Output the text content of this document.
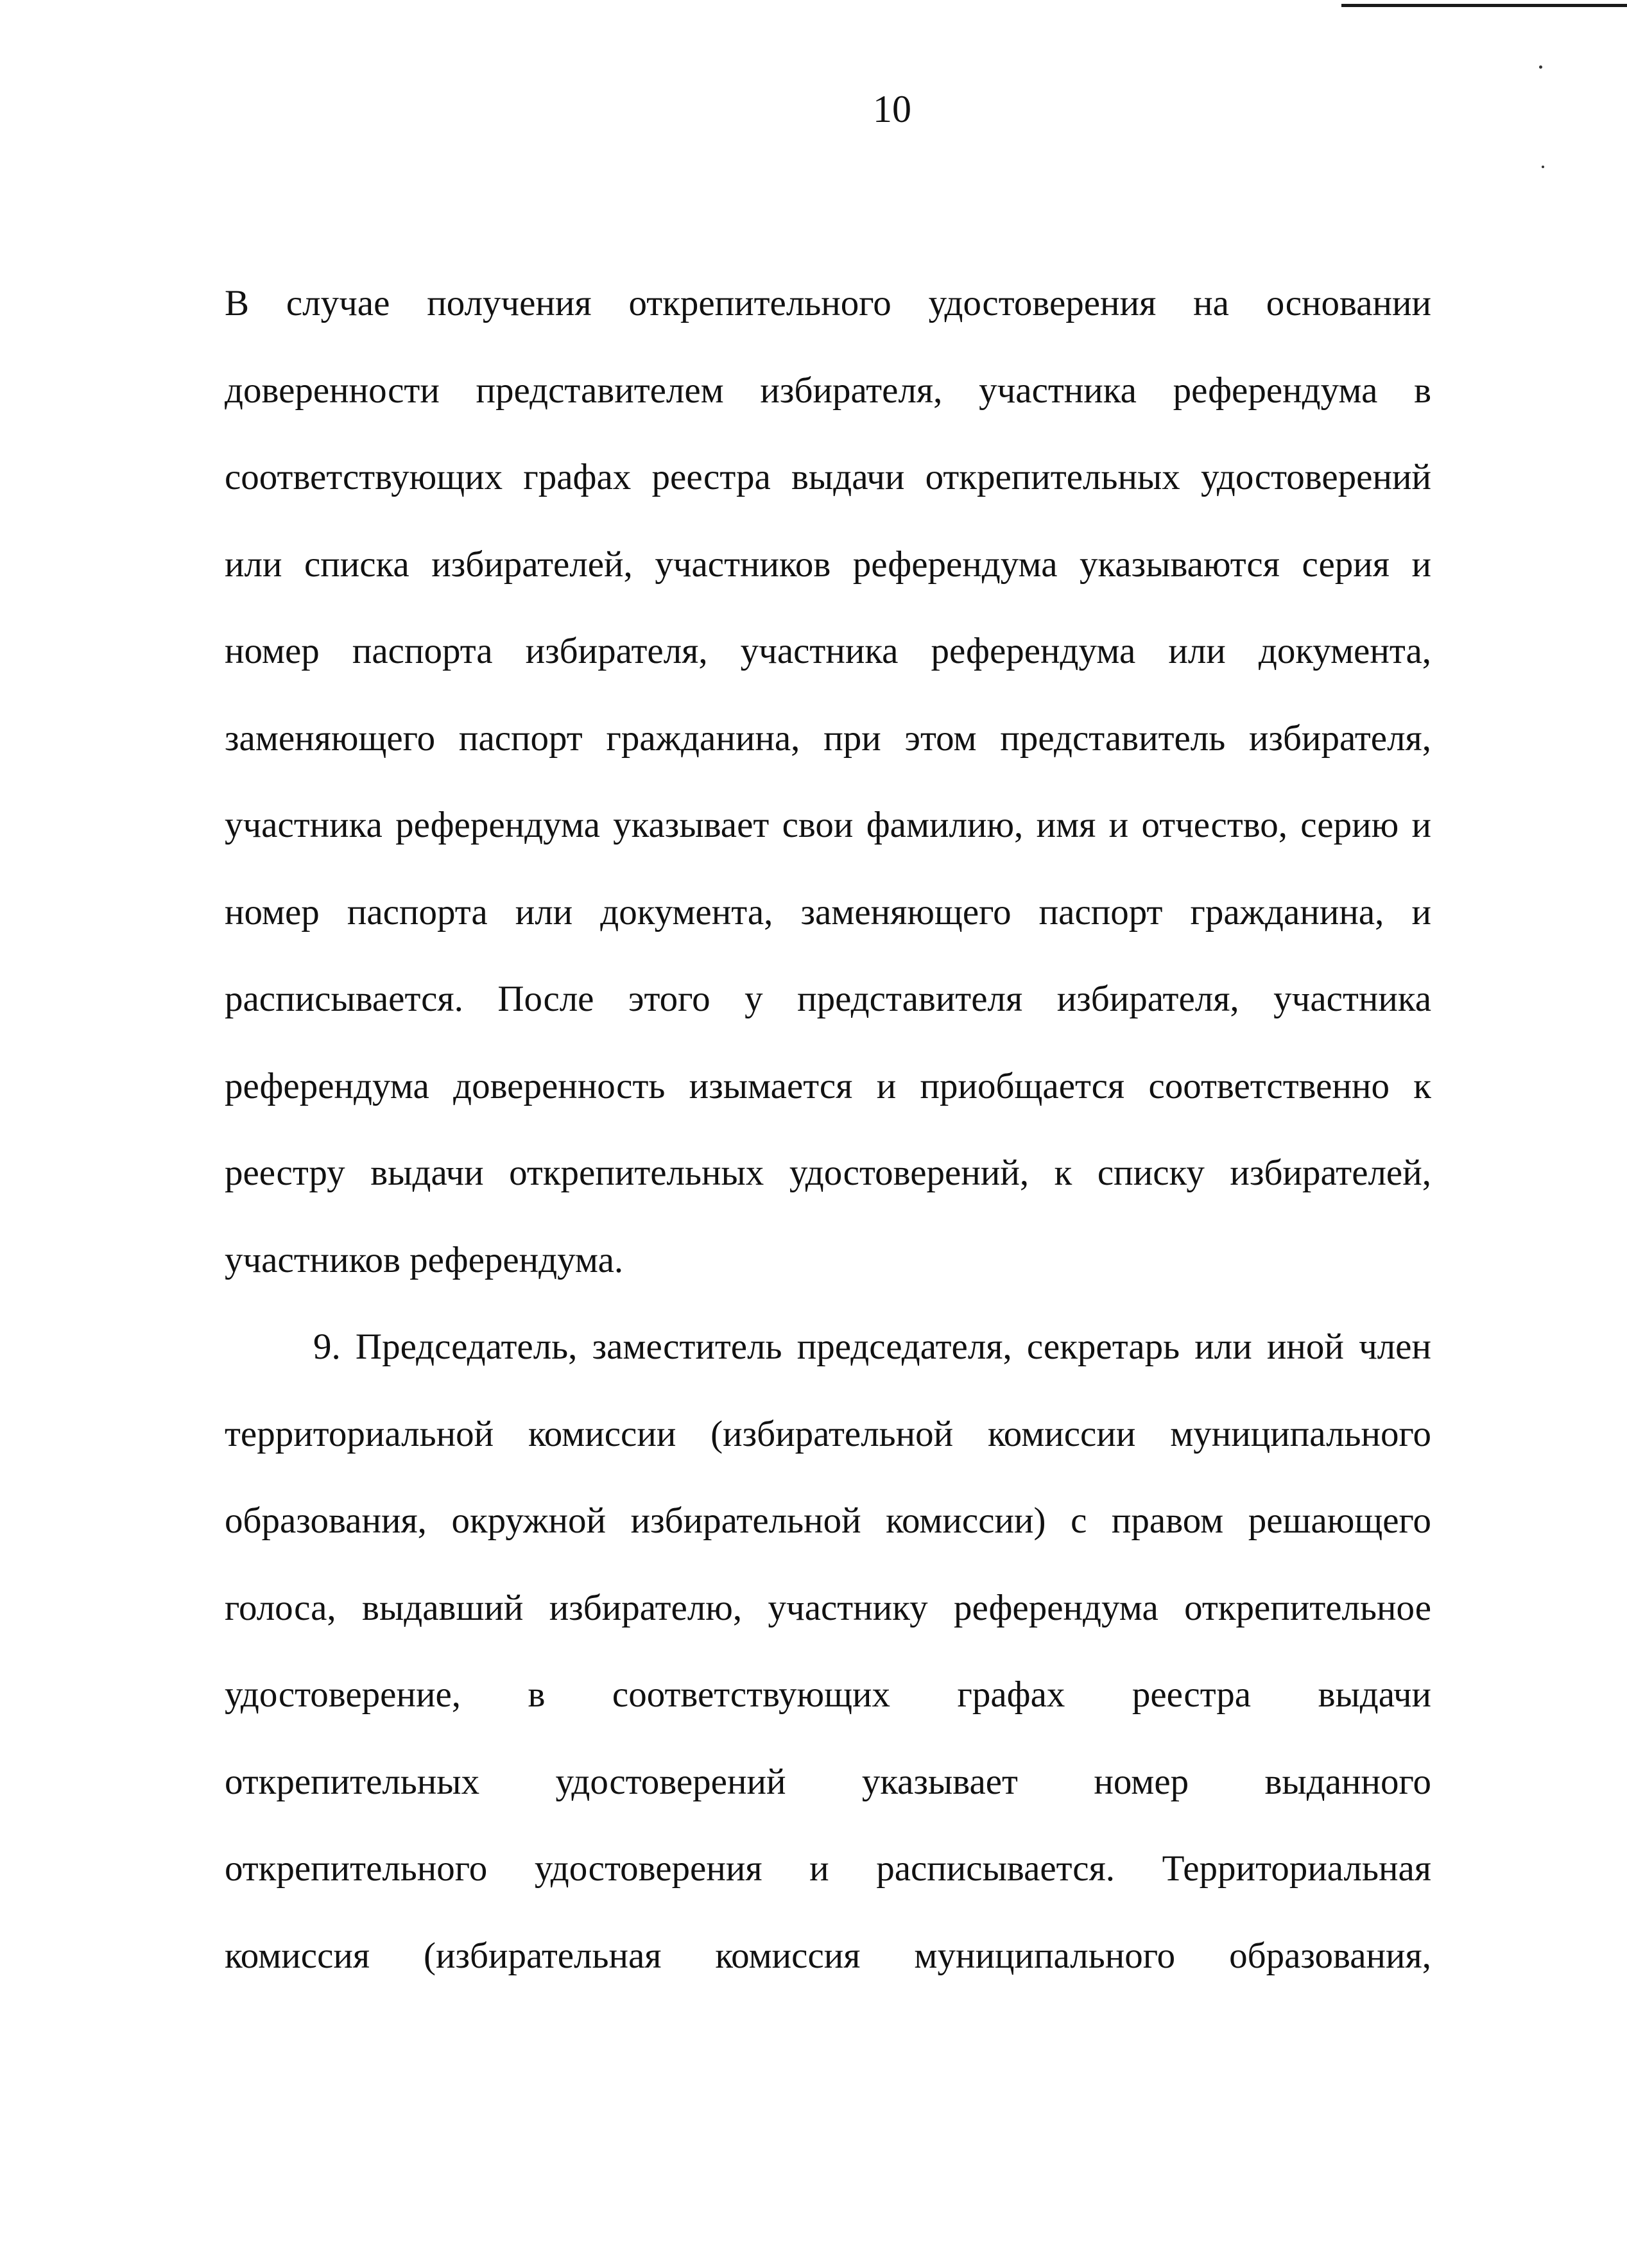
10
В случае получения открепительного удостоверения на основании
доверенности представителем избирателя, участника референдума в
соответствующих графах реестра выдачи открепительных удостоверений
или списка избирателей, участников референдума указываются серия и
номер паспорта избирателя, участника референдума или документа,
заменяющего паспорт гражданина, при этом представитель избирателя,
участника референдума указывает свои фамилию, имя и отчество, серию и
номер паспорта или документа, заменяющего паспорт гражданина, и
расписывается. После этого у представителя избирателя, участника
референдума доверенность изымается и приобщается соответственно к
реестру выдачи открепительных удостоверений, к списку избирателей,
участников референдума.
9. Председатель, заместитель председателя, секретарь или иной член
территориальной комиссии (избирательной комиссии муниципального
образования, окружной избирательной комиссии) с правом решающего
голоса, выдавший избирателю, участнику референдума открепительное
удостоверение, в соответствующих графах реестра выдачи
открепительных удостоверений указывает номер выданного
открепительного удостоверения и расписывается. Территориальная
комиссия (избирательная комиссия муниципального образования,
